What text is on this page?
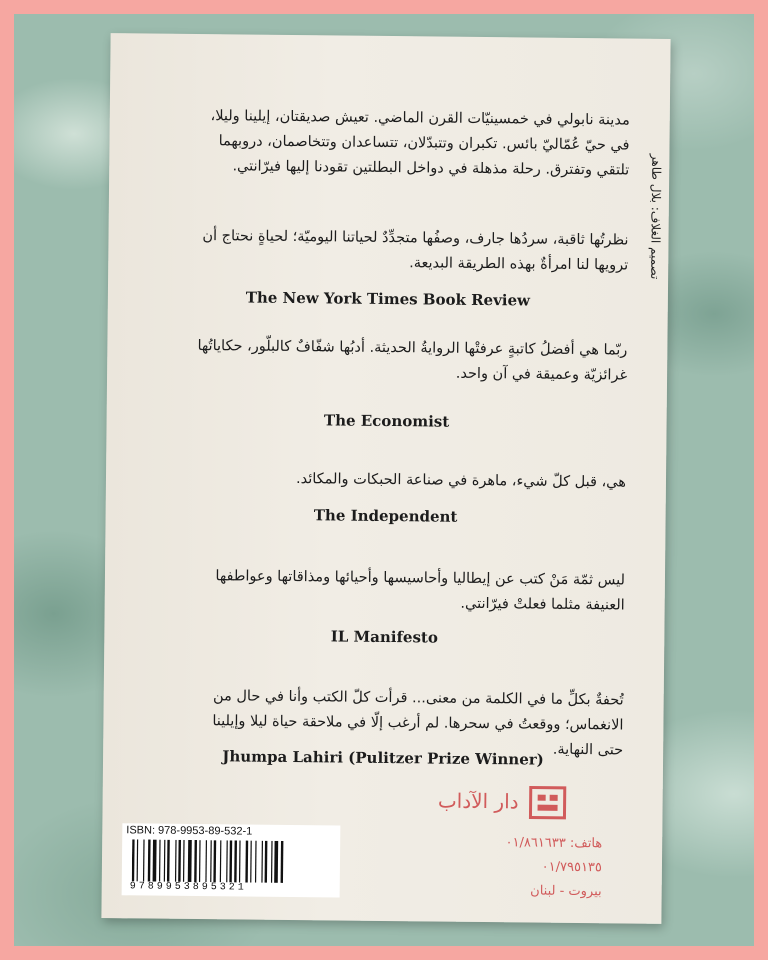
تصميم الغلاف: بلال طاهر

مدينة نابولي في خمسينيّات القرن الماضي. تعيش صديقتان، إيلينا وليلا، في حيّ عُمّاليّ بائس. تكبران وتتبدّلان، تتساعدان وتتخاصمان، دروبهما تلتقي وتفترق. رحلة مذهلة في دواخل البطلتين تقودنا إليها فيرّانتي.

نظرتُها ثاقبة، سردُها جارف، وصفُها متجدِّدٌ لحياتنا اليوميّة؛ لحياةٍ نحتاج أن ترويها لنا امرأةٌ بهذه الطريقة البديعة.

The New York Times Book Review

ربّما هي أفضلُ كاتبةٍ عرفتْها الروايةُ الحديثة. أدبُها شفّافٌ كالبلّور، حكاياتُها غرائزيّة وعميقة في آن واحد.

The Economist

هي، قبل كلّ شيء، ماهرة في صناعة الحبكات والمكائد.

The Independent

ليس ثمّة مَنْ كتب عن إيطاليا وأحاسيسها وأحيائها ومذاقاتها وعواطفها العنيفة مثلما فعلتْ فيرّانتي.

IL Manifesto

تُحفةٌ بكلِّ ما في الكلمة من معنى... قرأت كلّ الكتب وأنا في حال من الانغماس؛ ووقعتُ في سحرها. لم أرغب إلّا في ملاحقة حياة ليلا وإيلينا حتى النهاية.

Jhumpa Lahiri (Pulitzer Prize Winner)

دار الآداب

هاتف: ٠١/٨٦١٦٣٣

٠١/٧٩٥١٣٥

بيروت - لبنان

ISBN: 978-9953-89-532-1

9789953895321
